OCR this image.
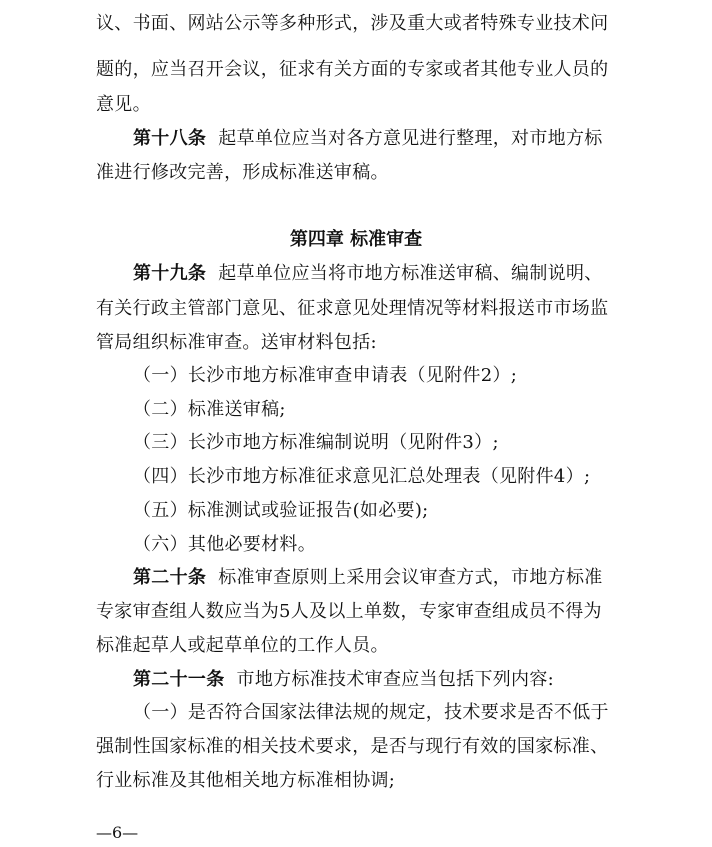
议、书面、网站公示等多种形式，涉及重大或者特殊专业技术问
题的，应当召开会议，征求有关方面的专家或者其他专业人员的
意见。
第十八条 起草单位应当对各方意见进行整理，对市地方标
准进行修改完善，形成标准送审稿。
第四章 标准审查
第十九条 起草单位应当将市地方标准送审稿、编制说明、
有关行政主管部门意见、征求意见处理情况等材料报送市市场监
管局组织标准审查。送审材料包括:
（一）长沙市地方标准审查申请表（见附件2）;
（二）标准送审稿;
（三）长沙市地方标准编制说明（见附件3）;
（四）长沙市地方标准征求意见汇总处理表（见附件4）;
（五）标准测试或验证报告(如必要);
（六）其他必要材料。
第二十条 标准审查原则上采用会议审查方式，市地方标准
专家审查组人数应当为5人及以上单数，专家审查组成员不得为
标准起草人或起草单位的工作人员。
第二十一条 市地方标准技术审查应当包括下列内容:
（一）是否符合国家法律法规的规定，技术要求是否不低于
强制性国家标准的相关技术要求，是否与现行有效的国家标准、
行业标准及其他相关地方标准相协调;
—6—
